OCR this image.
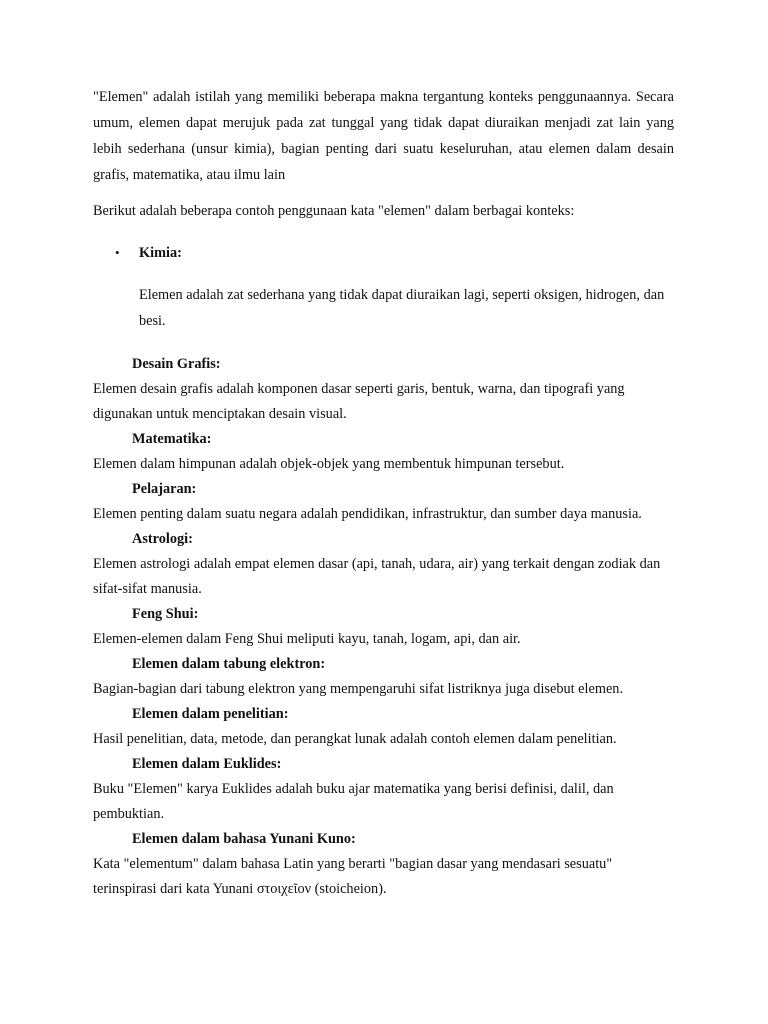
"Elemen" adalah istilah yang memiliki beberapa makna tergantung konteks penggunaannya. Secara umum, elemen dapat merujuk pada zat tunggal yang tidak dapat diuraikan menjadi zat lain yang lebih sederhana (unsur kimia), bagian penting dari suatu keseluruhan, atau elemen dalam desain grafis, matematika, atau ilmu lain

Berikut adalah beberapa contoh penggunaan kata "elemen" dalam berbagai konteks:

• Kimia:

Elemen adalah zat sederhana yang tidak dapat diuraikan lagi, seperti oksigen, hidrogen, dan besi.

Desain Grafis:

Elemen desain grafis adalah komponen dasar seperti garis, bentuk, warna, dan tipografi yang digunakan untuk menciptakan desain visual.

Matematika:

Elemen dalam himpunan adalah objek-objek yang membentuk himpunan tersebut.

Pelajaran:

Elemen penting dalam suatu negara adalah pendidikan, infrastruktur, dan sumber daya manusia.

Astrologi:

Elemen astrologi adalah empat elemen dasar (api, tanah, udara, air) yang terkait dengan zodiak dan sifat-sifat manusia.

Feng Shui:

Elemen-elemen dalam Feng Shui meliputi kayu, tanah, logam, api, dan air.

Elemen dalam tabung elektron:

Bagian-bagian dari tabung elektron yang mempengaruhi sifat listriknya juga disebut elemen.

Elemen dalam penelitian:

Hasil penelitian, data, metode, dan perangkat lunak adalah contoh elemen dalam penelitian.

Elemen dalam Euklides:

Buku "Elemen" karya Euklides adalah buku ajar matematika yang berisi definisi, dalil, dan pembuktian.

Elemen dalam bahasa Yunani Kuno:

Kata "elementum" dalam bahasa Latin yang berarti "bagian dasar yang mendasari sesuatu" terinspirasi dari kata Yunani στοιχεῖον (stoicheion).
